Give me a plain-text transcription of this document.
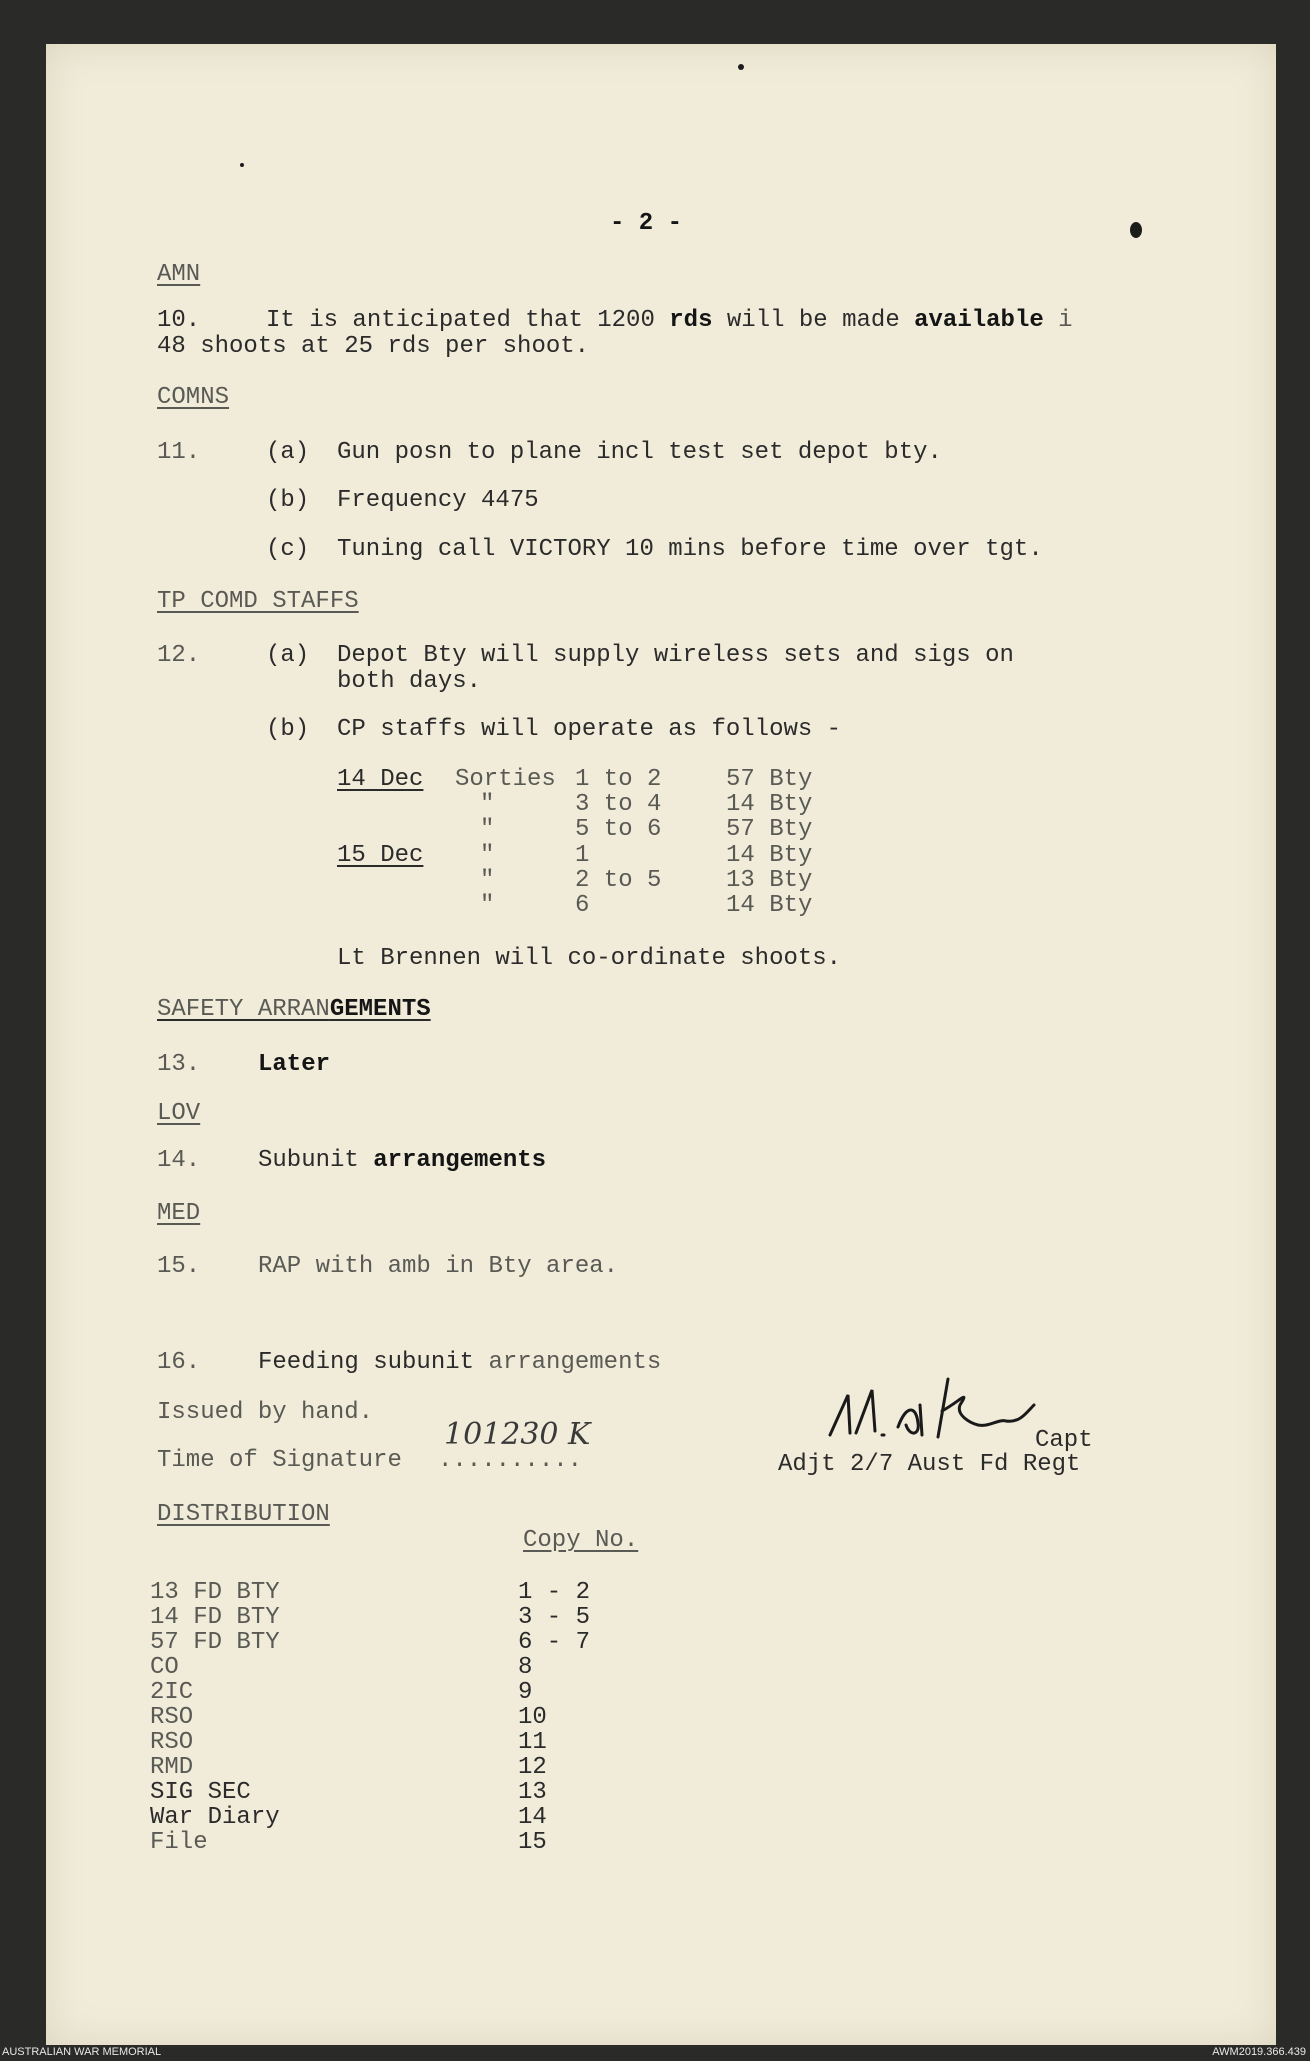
- 2 -
AMN
10.	It is anticipated that 1200 rds will be made available i
48 shoots at 25 rds per shoot.
COMNS
11.	(a) Gun posn to plane incl test set depot bty.
(b) Frequency 4475
(c) Tuning call VICTORY 10 mins before time over tgt.
TP COMD STAFFS
12.	(a) Depot Bty will supply wireless sets and sigs on
both days.
(b) CP staffs will operate as follows -
14 Dec Sorties 1 to 2	57 Bty
"	3 to 4	14 Bty
"	5 to 6	57 Bty
15 Dec "	1	14 Bty
"	2 to 5	13 Bty
"	6	14 Bty
Lt Brennen will co-ordinate shoots.
SAFETY ARRANGEMENTS
13. Later
LOV
14. Subunit arrangements
MED
15. RAP with amb in Bty area.
16. Feeding subunit arrangements
Issued by hand.
Time of Signature ..........
101230 K	Capt
Adjt 2/7 Aust Fd Regt
DISTRIBUTION
Copy No.
13 FD BTY	1 - 2
14 FD BTY	3 - 5
57 FD BTY	6 - 7
CO	8
2IC	9
RSO	10
RSO	11
RMD	12
SIG SEC	13
War Diary	14
File	15
AUSTRALIAN WAR MEMORIAL	AWM2019.366.439
